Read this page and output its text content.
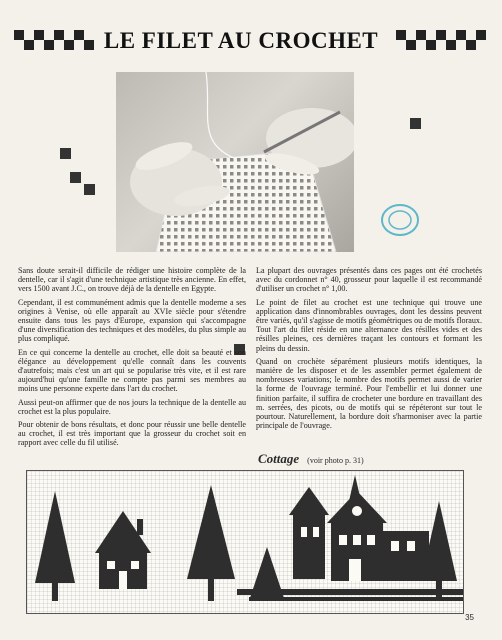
LE FILET AU CROCHET

Sans doute serait-il difficile de rédiger une histoire complète de la dentelle, car il s'agit d'une technique artistique très ancienne. En effet, vers 1500 avant J.C., on trouve déjà de la dentelle en Egypte.

Cependant, il est communément admis que la dentelle moderne a ses origines à Venise, où elle apparaît au XVIe siècle pour s'étendre ensuite dans tous les pays d'Europe, expansion qui s'accompagne d'une diversification des techniques et des modèles, du plus simple au plus compliqué.

En ce qui concerne la dentelle au crochet, elle doit sa beauté et son élégance au développement qu'elle connaît dans les couvents d'autrefois; mais c'est un art qui se popularise très vite, et il est rare aujourd'hui qu'une famille ne compte pas parmi ses membres au moins une personne experte dans l'art du crochet.

Aussi peut-on affirmer que de nos jours la technique de la dentelle au crochet est la plus populaire.

Pour obtenir de bons résultats, et donc pour réussir une belle dentelle au crochet, il est très important que la grosseur du crochet soit en rapport avec celle du fil utilisé.

La plupart des ouvrages présentés dans ces pages ont été crochetés avec du cordonnet n° 40, grosseur pour laquelle il est recommandé d'utiliser un crochet n° 1,00.

Le point de filet au crochet est une technique qui trouve une application dans d'innombrables ouvrages, dont les dessins peuvent être variés, qu'il s'agisse de motifs géométriques ou de motifs floraux. Tout l'art du filet réside en une alternance des résilles vides et des résilles pleines, ces dernières traçant les contours et formant les pleins du dessin.

Quand on crochète séparément plusieurs motifs identiques, la manière de les disposer et de les assembler permet également de nombreuses variations; le nombre des motifs permet aussi de varier la forme de l'ouvrage terminé. Pour l'embellir et lui donner une finition parfaite, il suffira de crocheter une bordure en travaillant des m. serrées, des picots, ou de motifs qui se répéteront sur tout le pourtour. Naturellement, la bordure doit s'harmoniser avec la partie principale de l'ouvrage.

Cottage (voir photo p. 31)
35
